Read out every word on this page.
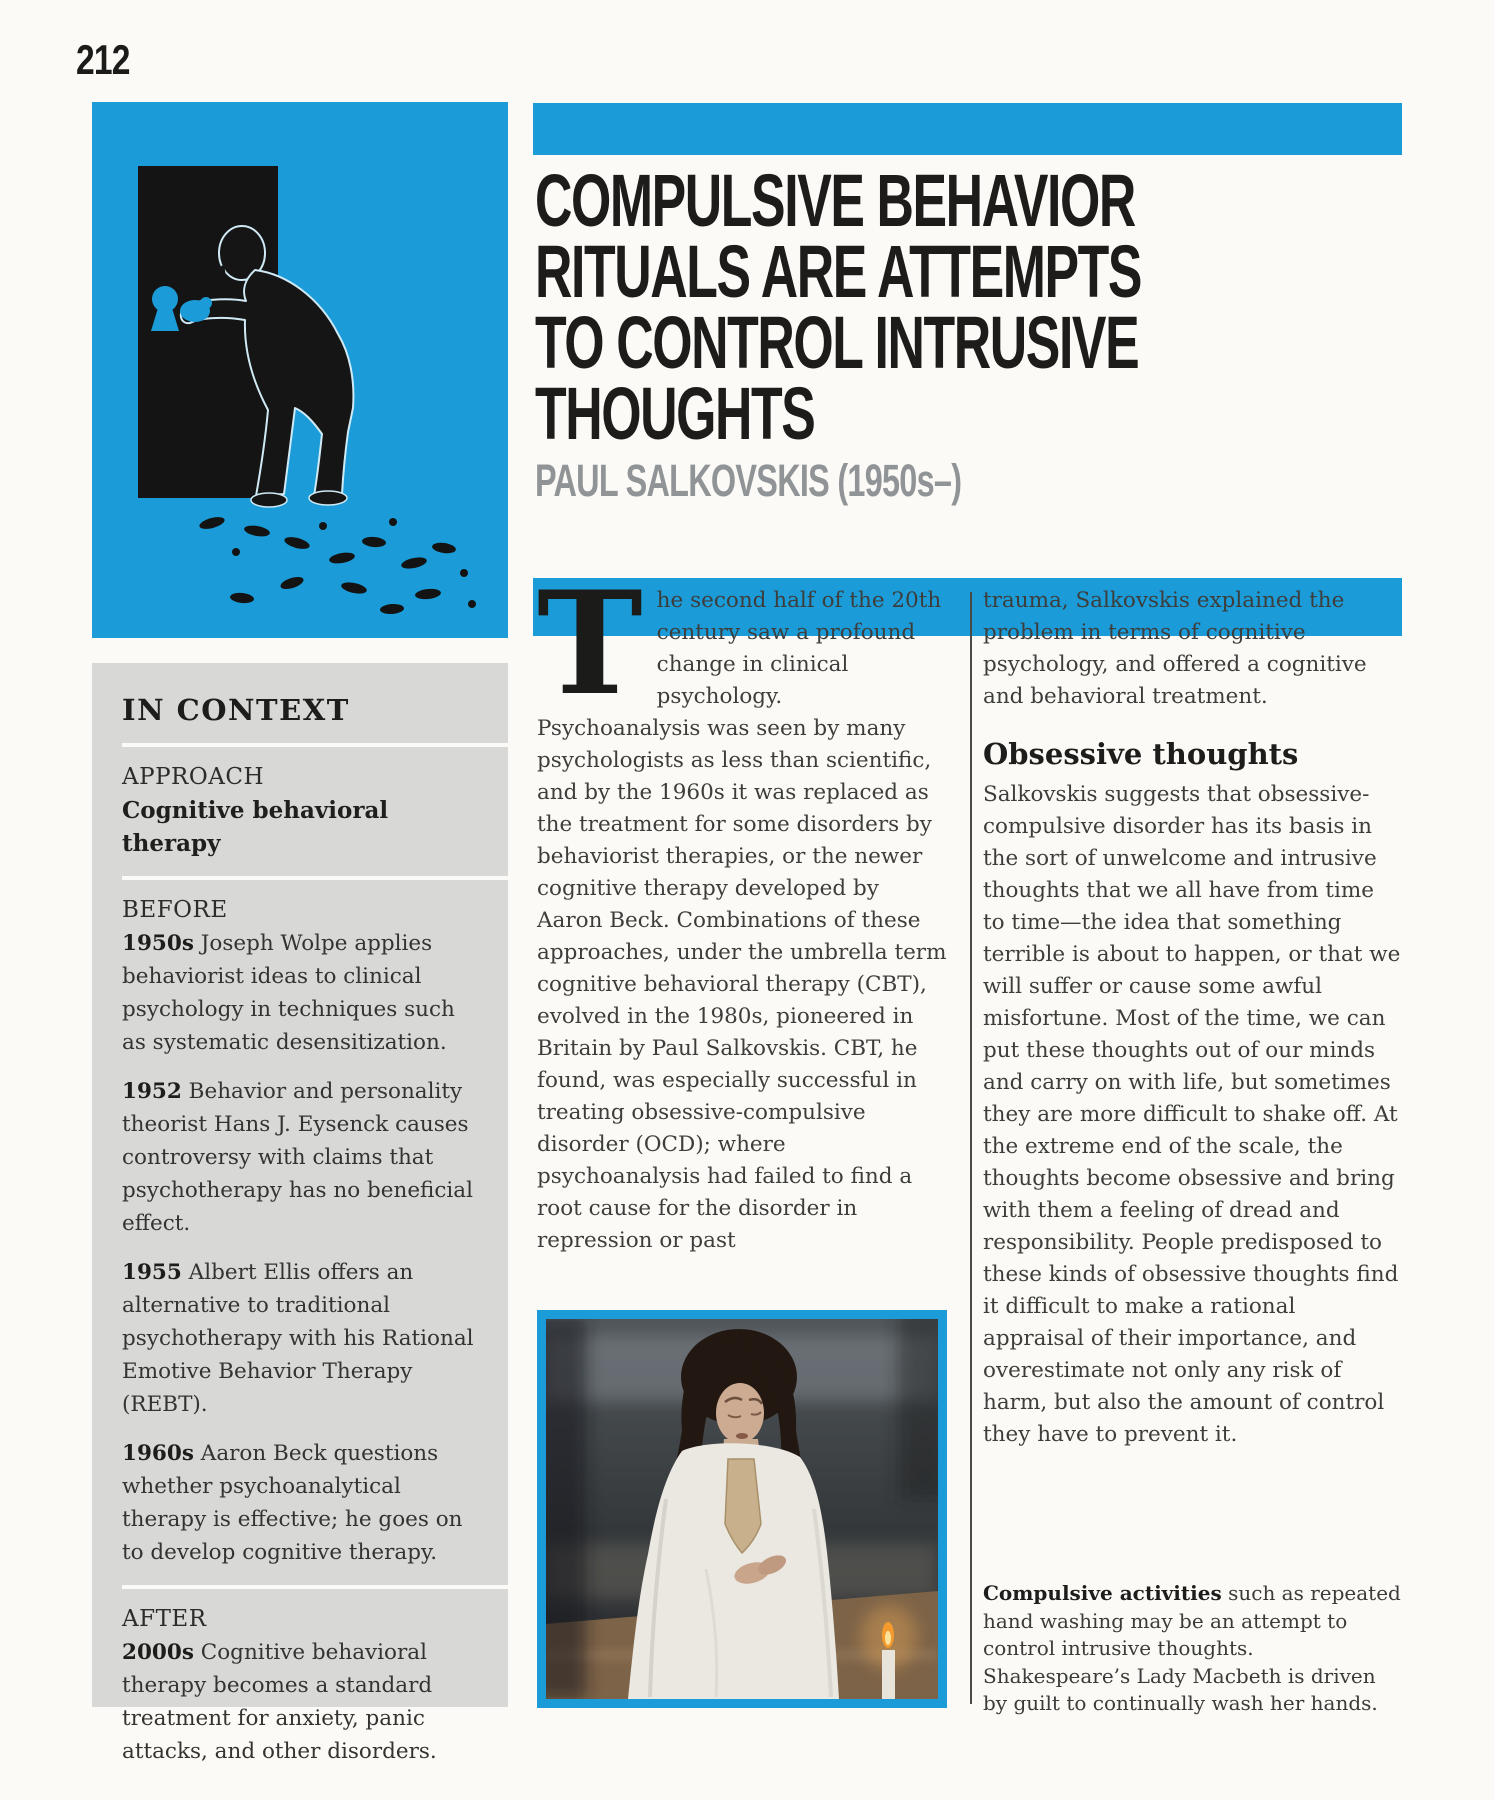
212
COMPULSIVE BEHAVIOR
RITUALS ARE ATTEMPTS
TO CONTROL INTRUSIVE
THOUGHTS
PAUL SALKOVSKIS (1950s–)
IN CONTEXT
APPROACH
Cognitive behavioral therapy
BEFORE

1950s Joseph Wolpe applies behaviorist ideas to clinical psychology in techniques such as systematic desensitization.

1952 Behavior and personality theorist Hans J. Eysenck causes controversy with claims that psychotherapy has no beneficial effect.

1955 Albert Ellis offers an alternative to traditional psychotherapy with his Rational Emotive Behavior Therapy (REBT).

1960s Aaron Beck questions whether psychoanalytical therapy is effective; he goes on to develop cognitive therapy.

AFTER

2000s Cognitive behavioral therapy becomes a standard treatment for anxiety, panic attacks, and other disorders.

The second half of the 20th century saw a profound change in clinical psychology. Psychoanalysis was seen by many psychologists as less than scientific, and by the 1960s it was replaced as the treatment for some disorders by behaviorist therapies, or the newer cognitive therapy developed by Aaron Beck. Combinations of these approaches, under the umbrella term cognitive behavioral therapy (CBT), evolved in the 1980s, pioneered in Britain by Paul Salkovskis. CBT, he found, was especially successful in treating obsessive-compulsive disorder (OCD); where psychoanalysis had failed to find a root cause for the disorder in repression or past

trauma, Salkovskis explained the problem in terms of cognitive psychology, and offered a cognitive and behavioral treatment.

Obsessive thoughts

Salkovskis suggests that obsessive-compulsive disorder has its basis in the sort of unwelcome and intrusive thoughts that we all have from time to time—the idea that something terrible is about to happen, or that we will suffer or cause some awful misfortune. Most of the time, we can put these thoughts out of our minds and carry on with life, but sometimes they are more difficult to shake off. At the extreme end of the scale, the thoughts become obsessive and bring with them a feeling of dread and responsibility. People predisposed to these kinds of obsessive thoughts find it difficult to make a rational appraisal of their importance, and overestimate not only any risk of harm, but also the amount of control they have to prevent it.

Compulsive activities such as repeated hand washing may be an attempt to control intrusive thoughts. Shakespeare’s Lady Macbeth is driven by guilt to continually wash her hands.
